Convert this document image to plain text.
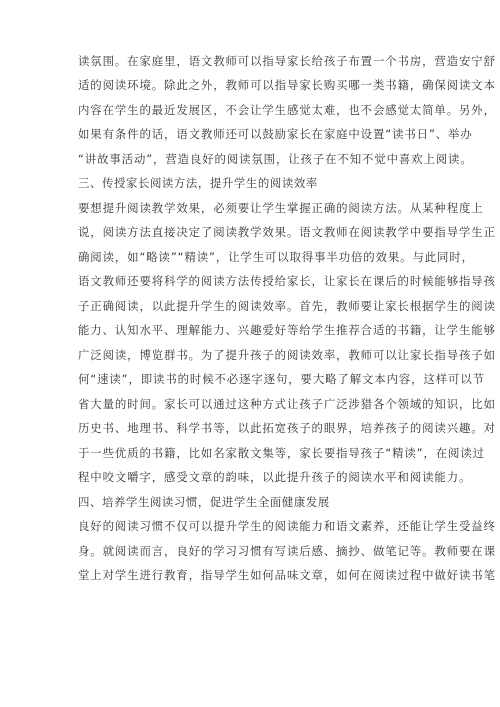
读氛围。在家庭里，语文教师可以指导家长给孩子布置一个书房，营造安宁舒
适的阅读环境。除此之外，教师可以指导家长购买哪一类书籍，确保阅读文本
内容在学生的最近发展区，不会让学生感觉太难，也不会感觉太简单。另外，
如果有条件的话，语文教师还可以鼓励家长在家庭中设置“读书日”、举办
“讲故事活动”，营造良好的阅读氛围，让孩子在不知不觉中喜欢上阅读。
三、传授家长阅读方法，提升学生的阅读效率
要想提升阅读教学效果，必须要让学生掌握正确的阅读方法。从某种程度上
说，阅读方法直接决定了阅读教学效果。语文教师在阅读教学中要指导学生正
确阅读，如“略读”“精读”，让学生可以取得事半功倍的效果。与此同时，
语文教师还要将科学的阅读方法传授给家长，让家长在课后的时候能够指导孩
子正确阅读，以此提升学生的阅读效率。首先，教师要让家长根据学生的阅读
能力、认知水平、理解能力、兴趣爱好等给学生推荐合适的书籍，让学生能够
广泛阅读，博览群书。为了提升孩子的阅读效率，教师可以让家长指导孩子如
何“速读”，即读书的时候不必逐字逐句，要大略了解文本内容，这样可以节
省大量的时间。家长可以通过这种方式让孩子广泛涉猎各个领域的知识，比如
历史书、地理书、科学书等，以此拓宽孩子的眼界，培养孩子的阅读兴趣。对
于一些优质的书籍，比如名家散文集等，家长要指导孩子“精读”，在阅读过
程中咬文嚼字，感受文章的韵味，以此提升孩子的阅读水平和阅读能力。
四、培养学生阅读习惯，促进学生全面健康发展
良好的阅读习惯不仅可以提升学生的阅读能力和语文素养，还能让学生受益终
身。就阅读而言，良好的学习习惯有写读后感、摘抄、做笔记等。教师要在课
堂上对学生进行教育，指导学生如何品味文章，如何在阅读过程中做好读书笔
